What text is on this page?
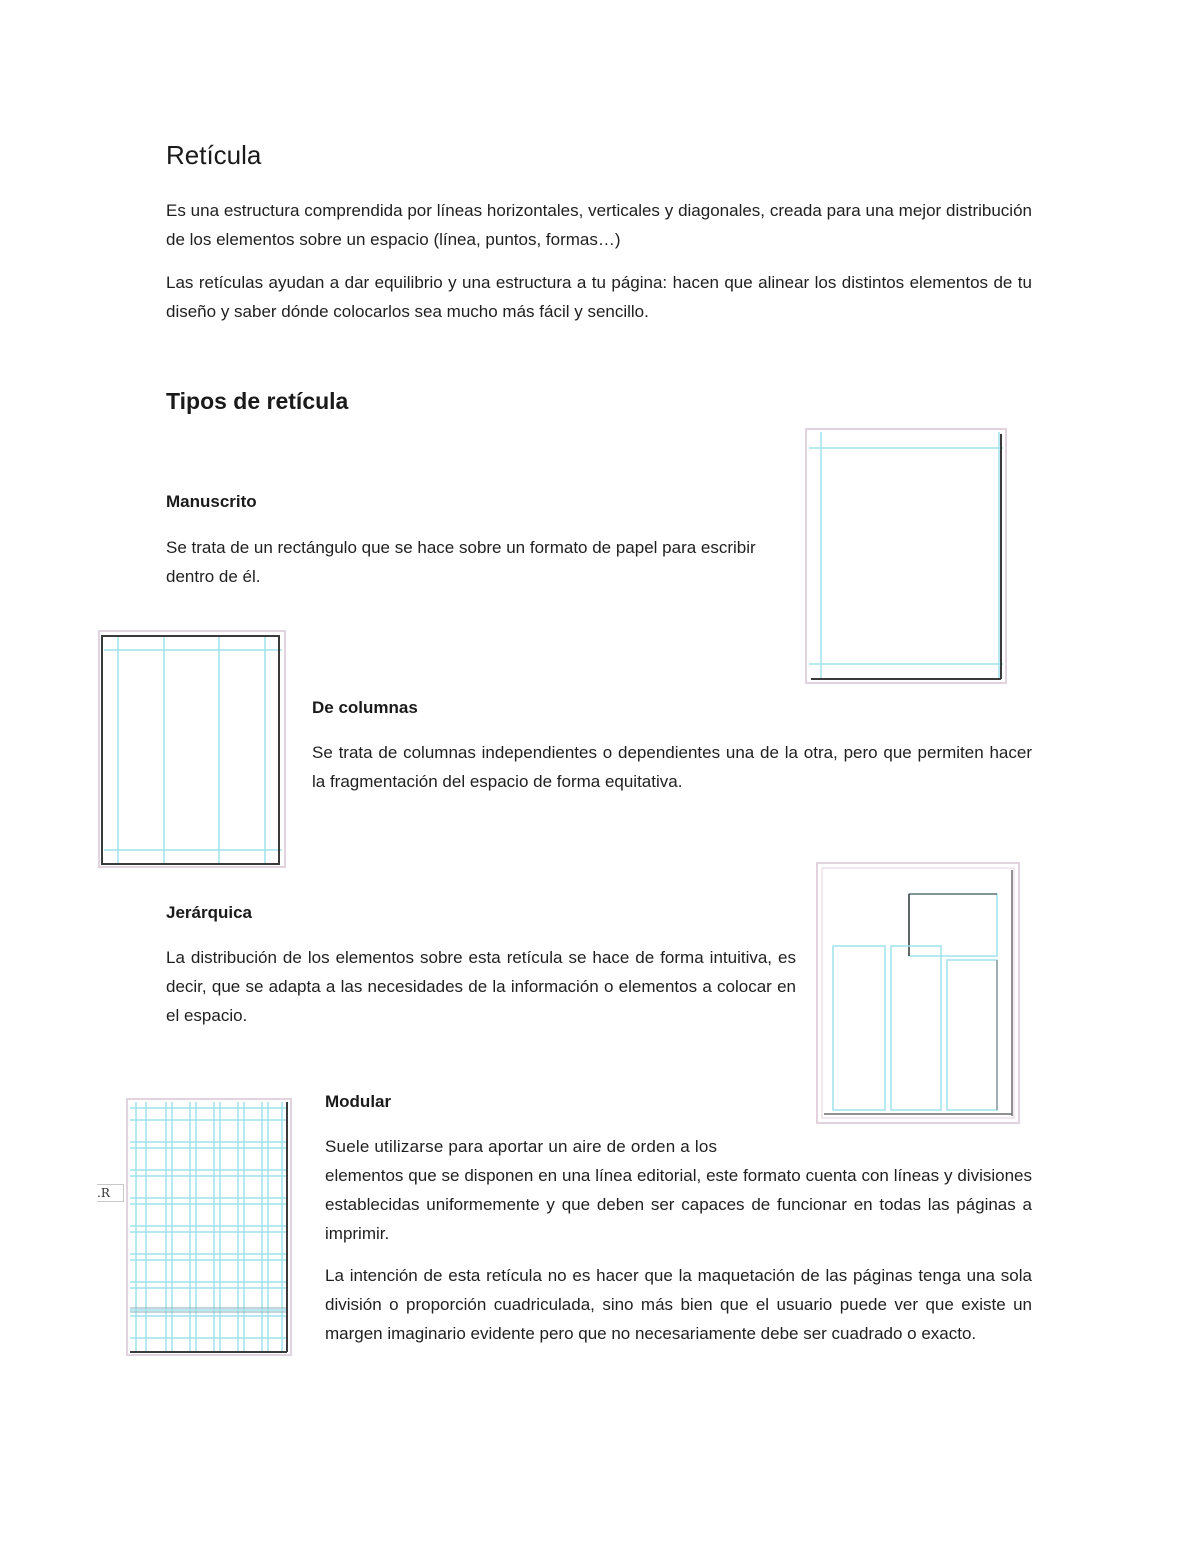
Retícula

Es una estructura comprendida por líneas horizontales, verticales y diagonales, creada para una mejor distribución de los elementos sobre un espacio (línea, puntos, formas…)

Las retículas ayudan a dar equilibrio y una estructura a tu página: hacen que alinear los distintos elementos de tu diseño y saber dónde colocarlos sea mucho más fácil y sencillo.

Tipos de retícula
Manuscrito

Se trata de un rectángulo que se hace sobre un formato de papel para escribir dentro de él.

De columnas

Se trata de columnas independientes o dependientes una de la otra, pero que permiten hacer la fragmentación del espacio de forma equitativa.

Jerárquica

La distribución de los elementos sobre esta retícula se hace de forma intuitiva, es decir, que se adapta a las necesidades de la información o elementos a colocar en el espacio.

.R
Modular

Suele utilizarse para aportar un aire de orden a los

elementos que se disponen en una línea editorial, este formato cuenta con líneas y divisiones establecidas uniformemente y que deben ser capaces de funcionar en todas las páginas a imprimir.

La intención de esta retícula no es hacer que la maquetación de las páginas tenga una sola división o proporción cuadriculada, sino más bien que el usuario puede ver que existe un margen imaginario evidente pero que no necesariamente debe ser cuadrado o exacto.
